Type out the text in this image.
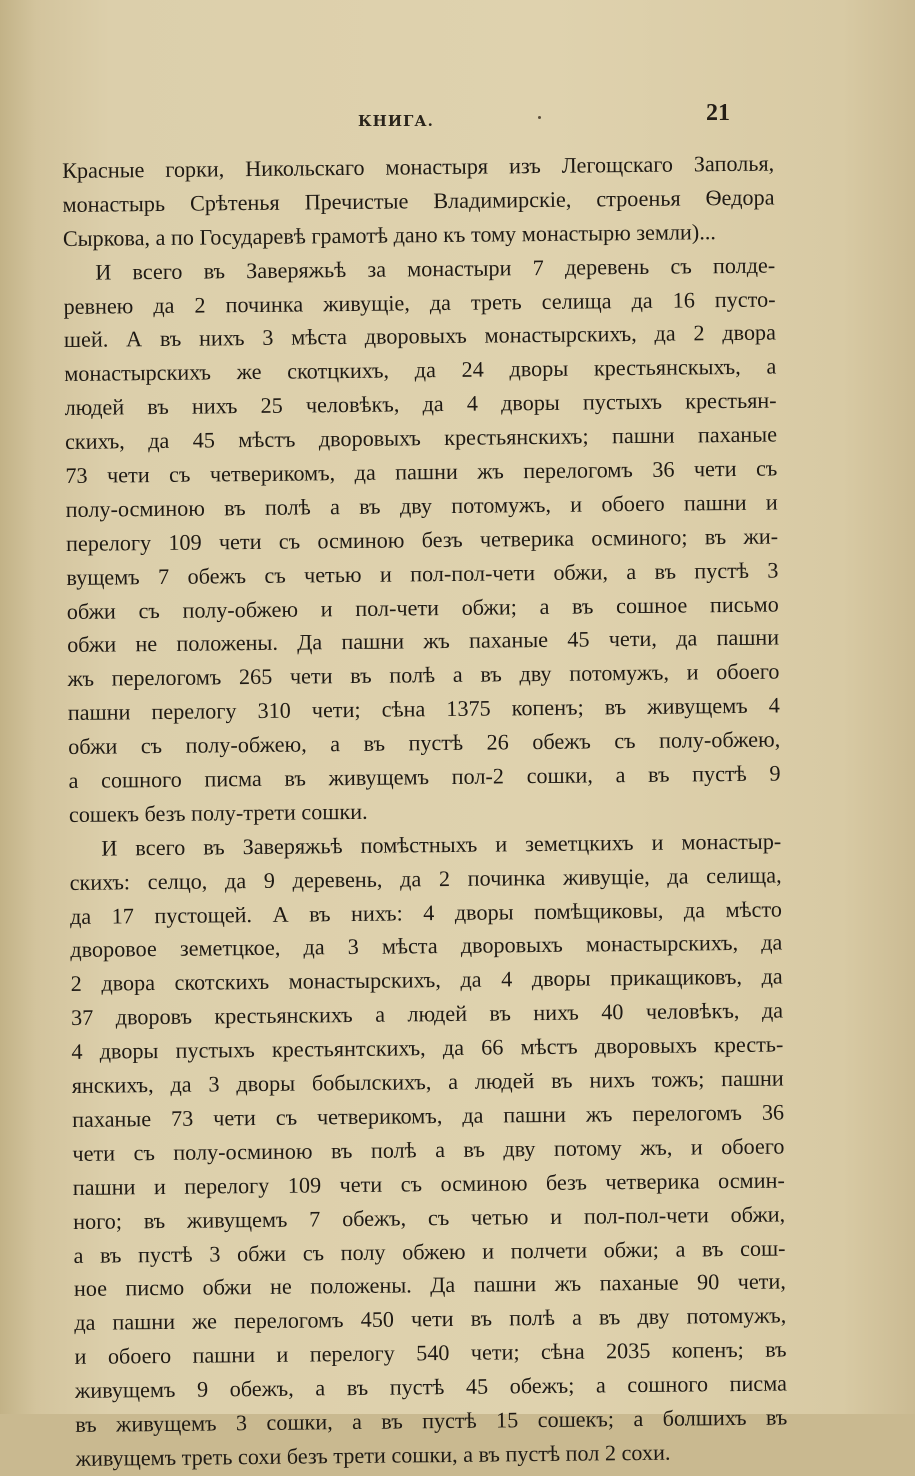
КНИГА.	21
Красные горки, Никольскаго монастыря изъ Легощскаго Заполья,
монастырь Срѣтенья Пречистые Владимирскіе, строенья Ѳедора
Сыркова, а по Государевѣ грамотѣ дано къ тому монастырю земли)...
И всего въ Заверяжьѣ за монастыри 7 деревень съ полде-
ревнею да 2 починка живущіе, да треть селища да 16 пусто-
шей. А въ нихъ 3 мѣста дворовыхъ монастырскихъ, да 2 двора
монастырскихъ же скотцкихъ, да 24 дворы крестьянскыхъ, а
людей въ нихъ 25 человѣкъ, да 4 дворы пустыхъ крестьян-
скихъ, да 45 мѣстъ дворовыхъ крестьянскихъ; пашни паханые
73 чети съ четверикомъ, да пашни жъ перелогомъ 36 чети съ
полу-осминою въ полѣ а въ дву потомужъ, и обоего пашни и
перелогу 109 чети съ осминою безъ четверика осминого; въ жи-
вущемъ 7 обежъ съ четью и пол-пол-чети обжи, а въ пустѣ 3
обжи съ полу-обжею и пол-чети обжи; а въ сошное письмо
обжи не положены. Да пашни жъ паханые 45 чети, да пашни
жъ перелогомъ 265 чети въ полѣ а въ дву потомужъ, и обоего
пашни перелогу 310 чети; сѣна 1375 копенъ; въ живущемъ 4
обжи съ полу-обжею, а въ пустѣ 26 обежъ съ полу-обжею,
а сошного писма въ живущемъ пол-2 сошки, а въ пустѣ 9
сошекъ безъ полу-трети сошки.
И всего въ Заверяжьѣ помѣстныхъ и земетцкихъ и монастыр-
скихъ: селцо, да 9 деревень, да 2 починка живущіе, да селища,
да 17 пустощей. А въ нихъ: 4 дворы помѣщиковы, да мѣсто
дворовое земетцкое, да 3 мѣста дворовыхъ монастырскихъ, да
2 двора скотскихъ монастырскихъ, да 4 дворы прикащиковъ, да
37 дворовъ крестьянскихъ а людей въ нихъ 40 человѣкъ, да
4 дворы пустыхъ крестьянтскихъ, да 66 мѣстъ дворовыхъ кресть-
янскихъ, да 3 дворы бобылскихъ, а людей въ нихъ тожъ; пашни
паханые 73 чети съ четверикомъ, да пашни жъ перелогомъ 36
чети съ полу-осминою въ полѣ а въ дву потому жъ, и обоего
пашни и перелогу 109 чети съ осминою безъ четверика осмин-
ного; въ живущемъ 7 обежъ, съ четью и пол-пол-чети обжи,
а въ пустѣ 3 обжи съ полу обжею и полчети обжи; а въ сош-
ное писмо обжи не положены. Да пашни жъ паханые 90 чети,
да пашни же перелогомъ 450 чети въ полѣ а въ дву потомужъ,
и обоего пашни и перелогу 540 чети; сѣна 2035 копенъ; въ
живущемъ 9 обежъ, а въ пустѣ 45 обежъ; а сошного писма
въ живущемъ 3 сошки, а въ пустѣ 15 сошекъ; а болшихъ въ
живущемъ треть сохи безъ трети сошки, а въ пустѣ пол 2 сохи.
